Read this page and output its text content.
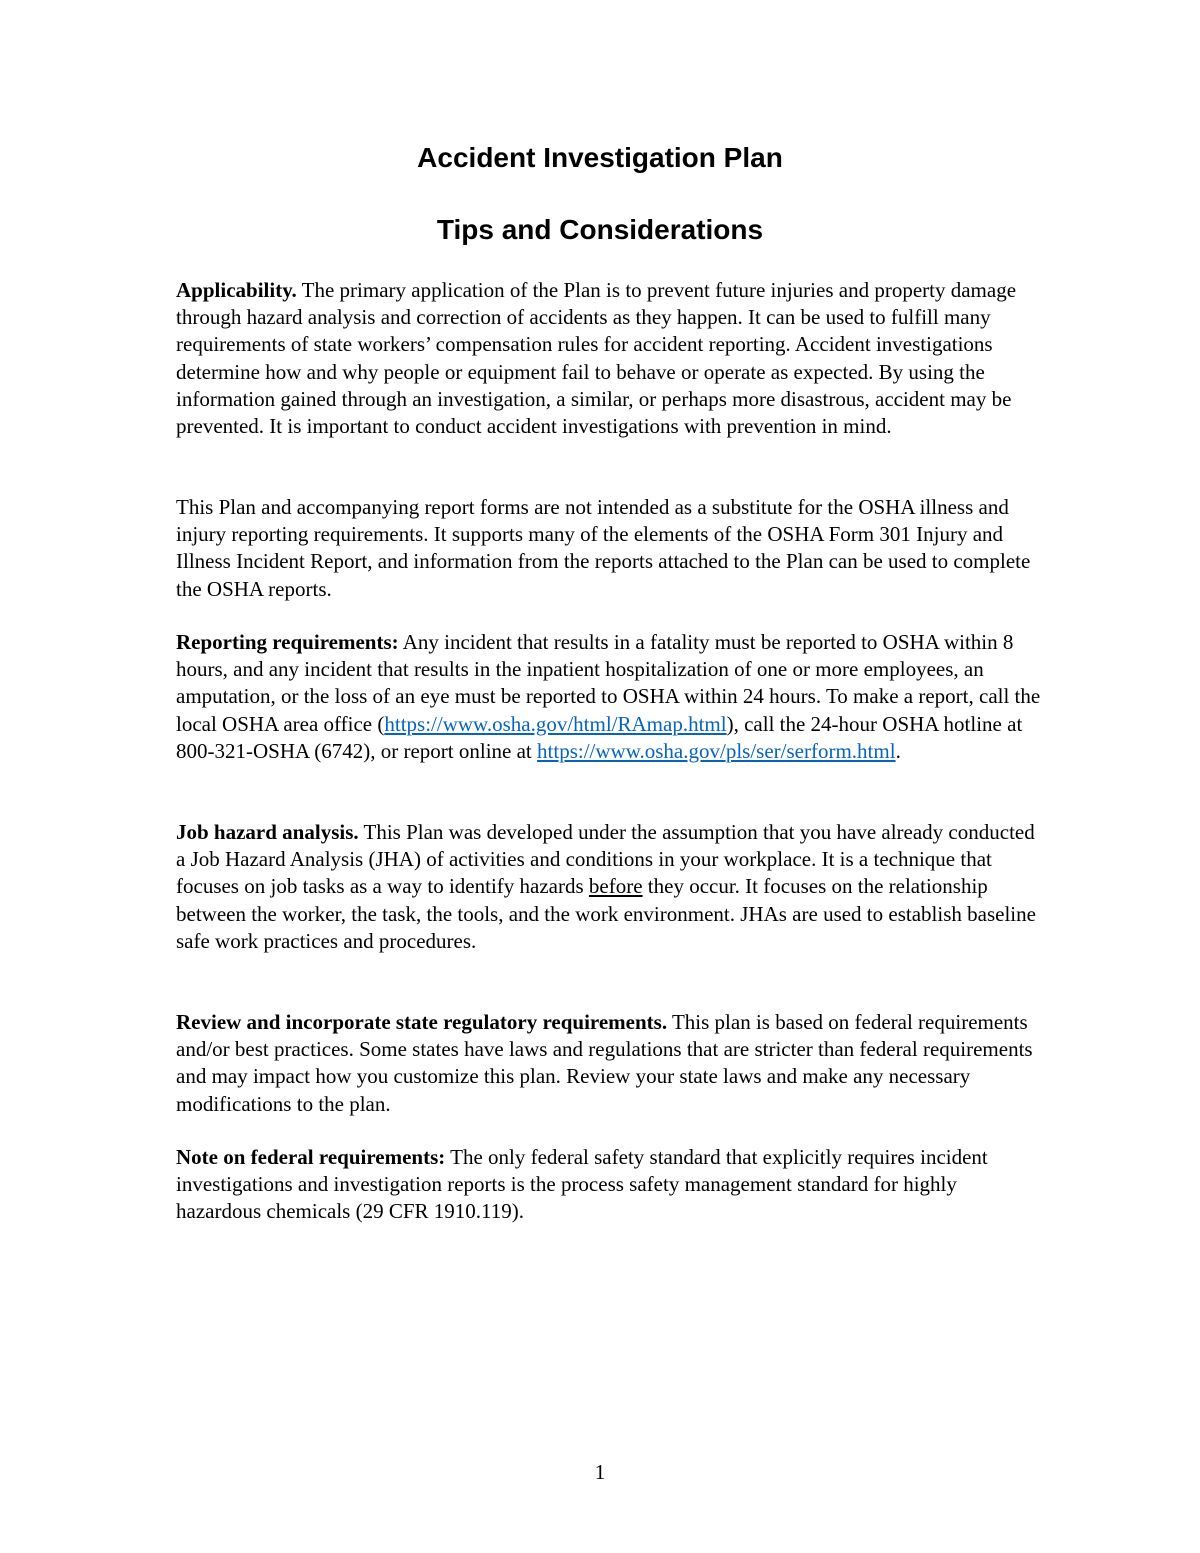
Accident Investigation Plan
Tips and Considerations

Applicability. The primary application of the Plan is to prevent future injuries and property damage through hazard analysis and correction of accidents as they happen. It can be used to fulfill many requirements of state workers’ compensation rules for accident reporting. Accident investigations determine how and why people or equipment fail to behave or operate as expected. By using the information gained through an investigation, a similar, or perhaps more disastrous, accident may be prevented. It is important to conduct accident investigations with prevention in mind.

This Plan and accompanying report forms are not intended as a substitute for the OSHA illness and injury reporting requirements. It supports many of the elements of the OSHA Form 301 Injury and Illness Incident Report, and information from the reports attached to the Plan can be used to complete the OSHA reports.

Reporting requirements: Any incident that results in a fatality must be reported to OSHA within 8 hours, and any incident that results in the inpatient hospitalization of one or more employees, an amputation, or the loss of an eye must be reported to OSHA within 24 hours. To make a report, call the local OSHA area office (https://www.osha.gov/html/RAmap.html), call the 24-hour OSHA hotline at 800-321-OSHA (6742), or report online at https://www.osha.gov/pls/ser/serform.html.

Job hazard analysis. This Plan was developed under the assumption that you have already conducted a Job Hazard Analysis (JHA) of activities and conditions in your workplace. It is a technique that focuses on job tasks as a way to identify hazards before they occur. It focuses on the relationship between the worker, the task, the tools, and the work environment. JHAs are used to establish baseline safe work practices and procedures.

Review and incorporate state regulatory requirements. This plan is based on federal requirements and/or best practices. Some states have laws and regulations that are stricter than federal requirements and may impact how you customize this plan. Review your state laws and make any necessary modifications to the plan.

Note on federal requirements: The only federal safety standard that explicitly requires incident investigations and investigation reports is the process safety management standard for highly hazardous chemicals (29 CFR 1910.119).

1
